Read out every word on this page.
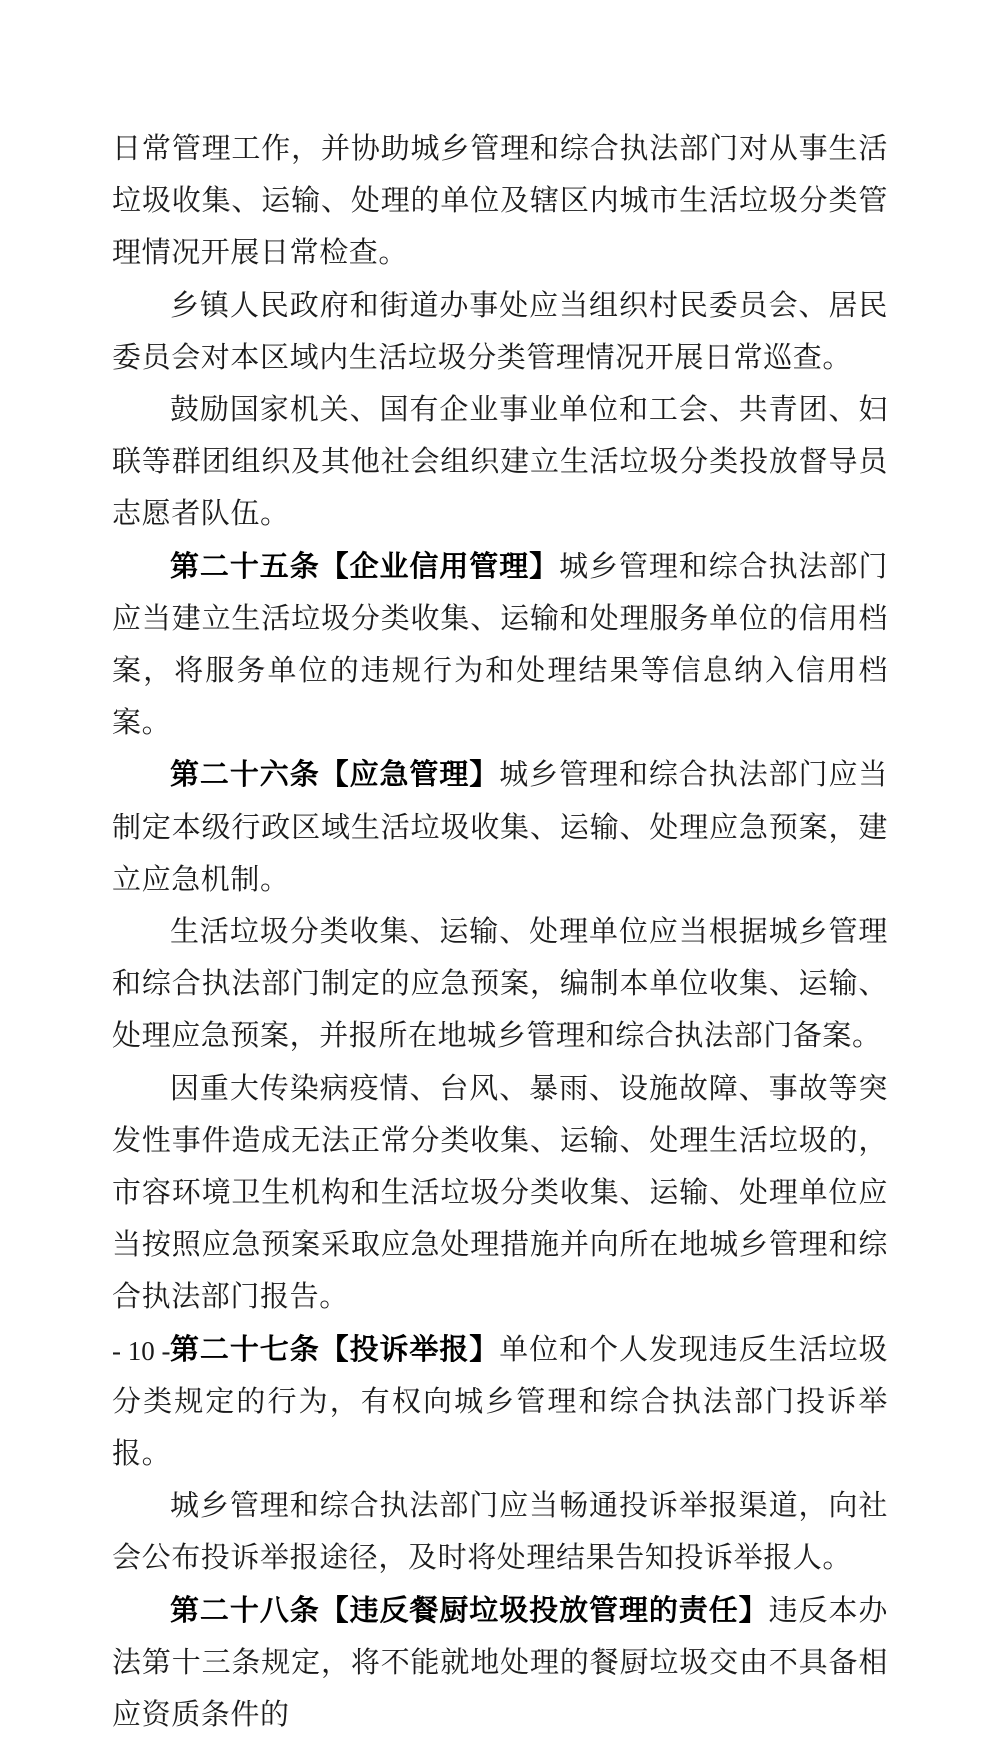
日常管理工作，并协助城乡管理和综合执法部门对从事生活垃圾收集、运输、处理的单位及辖区内城市生活垃圾分类管理情况开展日常检查。

乡镇人民政府和街道办事处应当组织村民委员会、居民委员会对本区域内生活垃圾分类管理情况开展日常巡查。

鼓励国家机关、国有企业事业单位和工会、共青团、妇联等群团组织及其他社会组织建立生活垃圾分类投放督导员志愿者队伍。

第二十五条【企业信用管理】城乡管理和综合执法部门应当建立生活垃圾分类收集、运输和处理服务单位的信用档案，将服务单位的违规行为和处理结果等信息纳入信用档案。

第二十六条【应急管理】城乡管理和综合执法部门应当制定本级行政区域生活垃圾收集、运输、处理应急预案，建立应急机制。

生活垃圾分类收集、运输、处理单位应当根据城乡管理和综合执法部门制定的应急预案，编制本单位收集、运输、处理应急预案，并报所在地城乡管理和综合执法部门备案。

因重大传染病疫情、台风、暴雨、设施故障、事故等突发性事件造成无法正常分类收集、运输、处理生活垃圾的，市容环境卫生机构和生活垃圾分类收集、运输、处理单位应当按照应急预案采取应急处理措施并向所在地城乡管理和综合执法部门报告。

第二十七条【投诉举报】单位和个人发现违反生活垃圾分类规定的行为，有权向城乡管理和综合执法部门投诉举报。

城乡管理和综合执法部门应当畅通投诉举报渠道，向社会公布投诉举报途径，及时将处理结果告知投诉举报人。

第二十八条【违反餐厨垃圾投放管理的责任】违反本办法第十三条规定，将不能就地处理的餐厨垃圾交由不具备相应资质条件的

- 10 -
